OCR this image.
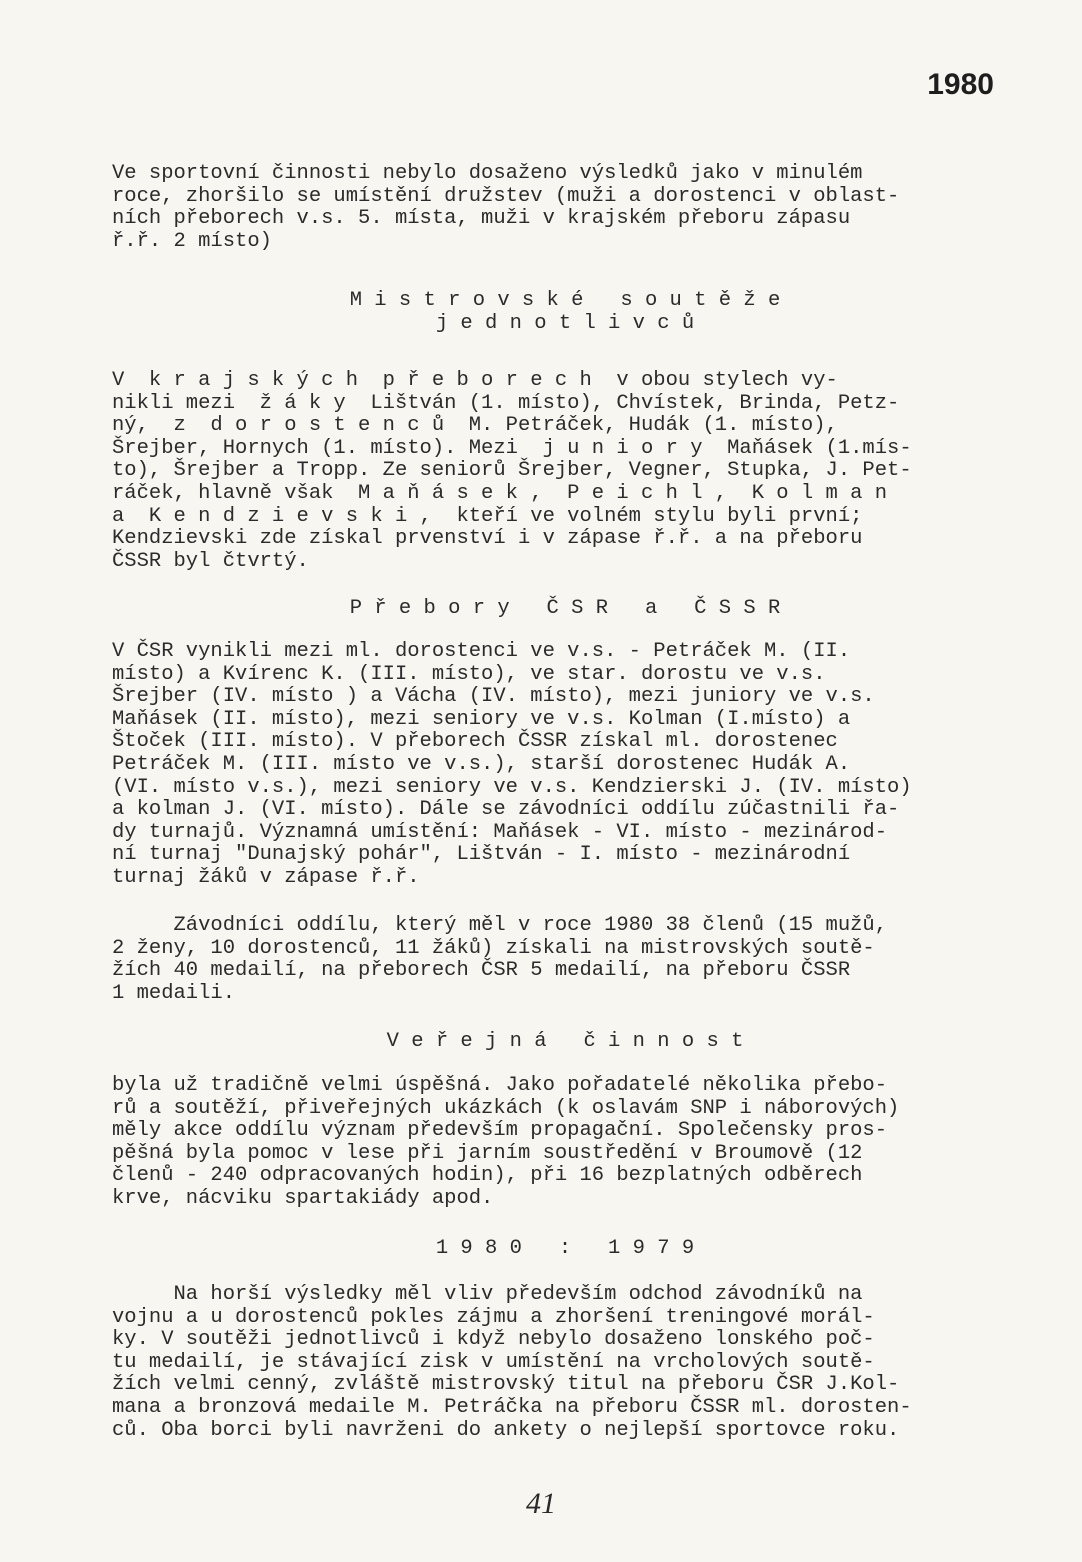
1980
Ve sportovní činnosti nebylo dosaženo výsledků jako v minulém
roce, zhoršilo se umístění družstev (muži a dorostenci v oblast-
ních přeborech v.s. 5. místa, muži v krajském přeboru zápasu
ř.ř. 2 místo)
M i s t r o v s k é   s o u t ě ž e
j e d n o t l i v c ů
V  k r a j s k ý c h  p ř e b o r e c h  v obou stylech vy-
nikli mezi  ž á k y  Lištván (1. místo), Chvístek, Brinda, Petz-
ný,  z  d o r o s t e n c ů  M. Petráček, Hudák (1. místo),
Šrejber, Hornych (1. místo). Mezi  j u n i o r y  Maňásek (1.mís-
to), Šrejber a Tropp. Ze seniorů Šrejber, Vegner, Stupka, J. Pet-
ráček, hlavně však  M a ň á s e k ,  P e i c h l ,  K o l m a n
a  K e n d z i e v s k i ,  kteří ve volném stylu byli první;
Kendzievski zde získal prvenství i v zápase ř.ř. a na přeboru
ČSSR byl čtvrtý.
P ř e b o r y   Č S R   a   Č S S R
V ČSR vynikli mezi ml. dorostenci ve v.s. - Petráček M. (II.
místo) a Kvírenc K. (III. místo), ve star. dorostu ve v.s.
Šrejber (IV. místo ) a Vácha (IV. místo), mezi juniory ve v.s.
Maňásek (II. místo), mezi seniory ve v.s. Kolman (I.místo) a
Štoček (III. místo). V přeborech ČSSR získal ml. dorostenec
Petráček M. (III. místo ve v.s.), starší dorostenec Hudák A.
(VI. místo v.s.), mezi seniory ve v.s. Kendzierski J. (IV. místo)
a kolman J. (VI. místo). Dále se závodníci oddílu zúčastnili řa-
dy turnajů. Významná umístění: Maňásek - VI. místo - mezinárod-
ní turnaj "Dunajský pohár", Lištván - I. místo - mezinárodní
turnaj žáků v zápase ř.ř.
Závodníci oddílu, který měl v roce 1980 38 členů (15 mužů,
2 ženy, 10 dorostenců, 11 žáků) získali na mistrovských soutě-
žích 40 medailí, na přeborech ČSR 5 medailí, na přeboru ČSSR
1 medaili.
V e ř e j n á   č i n n o s t
byla už tradičně velmi úspěšná. Jako pořadatelé několika přebo-
rů a soutěží, přiveřejných ukázkách (k oslavám SNP i náborových)
měly akce oddílu význam především propagační. Společensky pros-
pěšná byla pomoc v lese při jarním soustředění v Broumově (12
členů - 240 odpracovaných hodin), při 16 bezplatných odběrech
krve, nácviku spartakiády apod.
1 9 8 0   :   1 9 7 9
Na horší výsledky měl vliv především odchod závodníků na
vojnu a u dorostenců pokles zájmu a zhoršení treningové morál-
ky. V soutěži jednotlivců i když nebylo dosaženo lonského poč-
tu medailí, je stávající zisk v umístění na vrcholových soutě-
žích velmi cenný, zvláště mistrovský titul na přeboru ČSR J.Kol-
mana a bronzová medaile M. Petráčka na přeboru ČSSR ml. dorosten-
ců. Oba borci byli navrženi do ankety o nejlepší sportovce roku.
41
